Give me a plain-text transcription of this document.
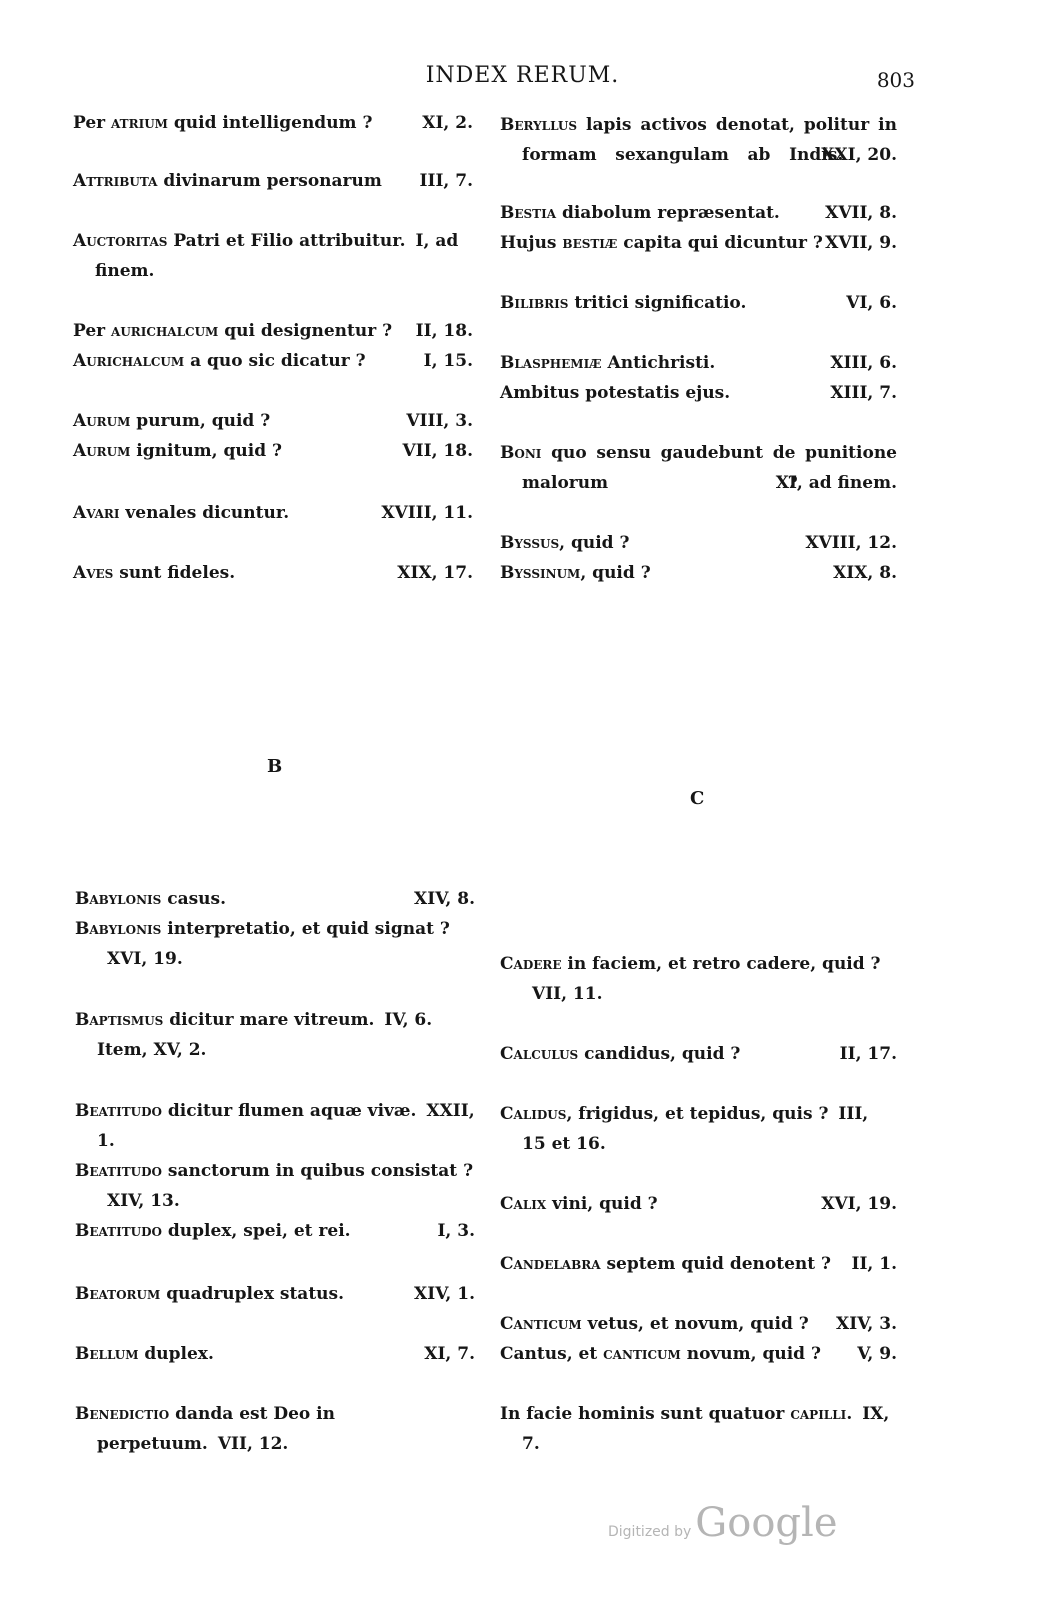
INDEX RERUM.	803
Per atrium quid intelligendum ?	XI, 2.
Attributa divinarum personarum III, 7.
Auctoritas Patri et Filio attribuitur. I, ad finem.
Per aurichalcum qui designentur ? II, 18.
Aurichalcum a quo sic dicatur ?	I, 15.
Aurum purum, quid ?	VIII, 3.
Aurum ignitum, quid ?	VII, 18.
Avari venales dicuntur.	XVIII, 11.
Aves sunt fideles.	XIX, 17.
Beryllus lapis activos denotat, politur in formam sexangulam ab Indis.
XXI, 20.
Bestia diabolum repræsentat.	XVII, 8.
Hujus bestiæ capita qui dicuntur ? XVII, 9.
Bilibris tritici significatio.	VI, 6.
Blasphemiæ Antichristi.	XIII, 6.
Ambitus potestatis ejus.	XIII, 7.
Boni quo sensu gaudebunt de punitione malorum ?
XI, ad finem.
Byssus, quid ?	XVIII, 12.
Byssinum, quid ?	XIX, 8.
B
C
Babylonis casus.	XIV, 8.
Babylonis interpretatio, et quid signat ?XVI, 19.
Baptismus dicitur mare vitreum. IV, 6. Item, XV, 2.
Beatitudo dicitur flumen aquæ vivæ. XXII, 1.
Beatitudo sanctorum in quibus consistat ?XIV, 13.
Beatitudo duplex, spei, et rei.	I, 3.
Beatorum quadruplex status.	XIV, 1.
Bellum duplex.	XI, 7.
Benedictio danda est Deo in perpetuum. VII, 12.
Cadere in faciem, et retro cadere, quid ?VII, 11.
Calculus candidus, quid ?	II, 17.
Calidus, frigidus, et tepidus, quis ? III, 15 et 16.
Calix vini, quid ?	XVI, 19.
Candelabra septem quid denotent ? II, 1.
Canticum vetus, et novum, quid ? XIV, 3.
Cantus, et canticum novum, quid ? V, 9.
In facie hominis sunt quatuor capilli. IX, 7.
Digitized by Google
